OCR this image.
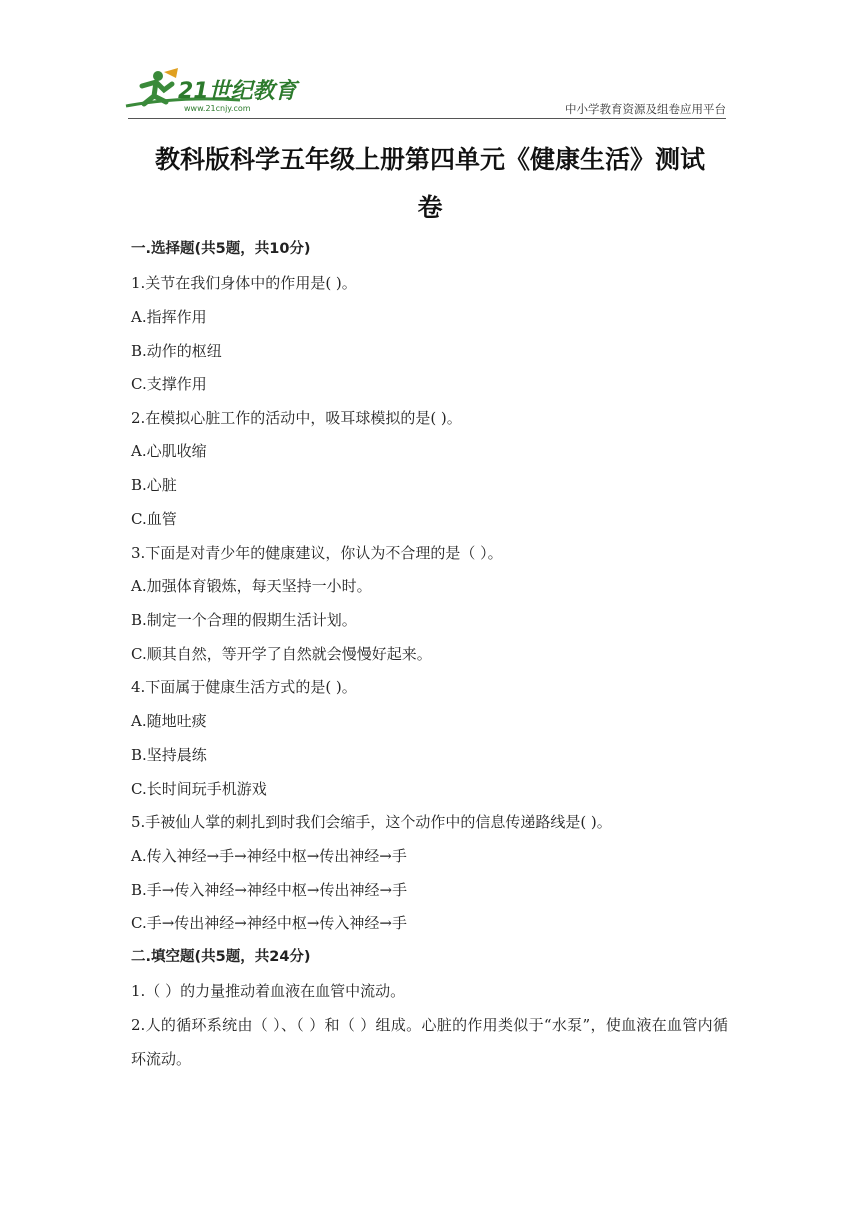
21世纪教育
www.21cnjy.com	中小学教育资源及组卷应用平台
教科版科学五年级上册第四单元《健康生活》测试
卷
一.选择题(共5题，共10分)
1.关节在我们身体中的作用是( )。
A.指挥作用
B.动作的枢纽
C.支撑作用
2.在模拟心脏工作的活动中，吸耳球模拟的是( )。
A.心肌收缩
B.心脏
C.血管
3.下面是对青少年的健康建议，你认为不合理的是（ ）。
A.加强体育锻炼，每天坚持一小时。
B.制定一个合理的假期生活计划。
C.顺其自然，等开学了自然就会慢慢好起来。
4.下面属于健康生活方式的是( )。
A.随地吐痰
B.坚持晨练
C.长时间玩手机游戏
5.手被仙人掌的刺扎到时我们会缩手，这个动作中的信息传递路线是( )。
A.传入神经→手→神经中枢→传出神经→手
B.手→传入神经→神经中枢→传出神经→手
C.手→传出神经→神经中枢→传入神经→手
二.填空题(共5题，共24分)
1.（ ）的力量推动着血液在血管中流动。
2.人的循环系统由（ ）、（ ）和（ ）组成。心脏的作用类似于“水泵”，使血液在血管内循环流动。
